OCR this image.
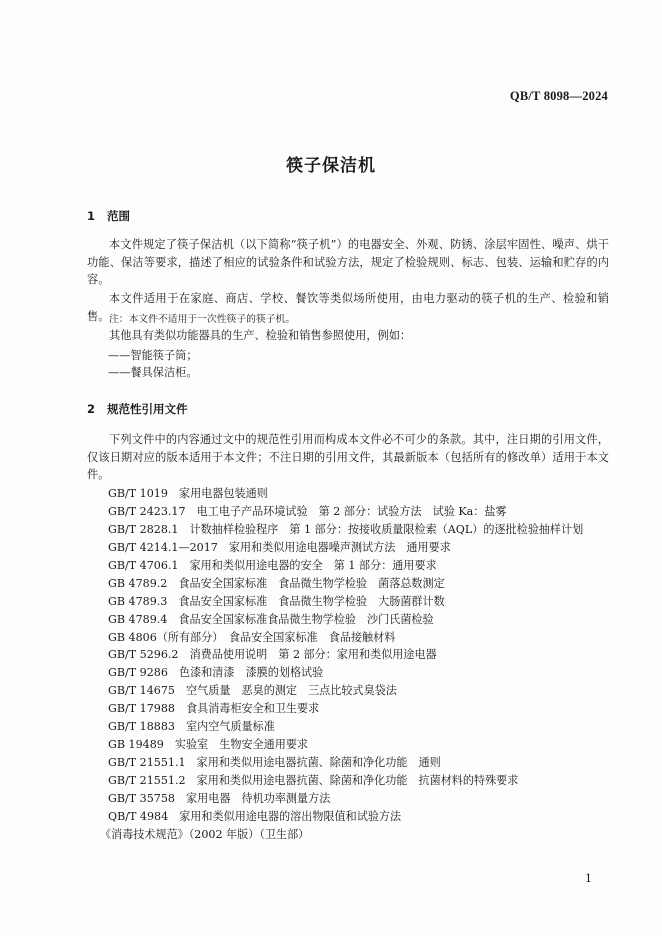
QB/T 8098—2024
筷子保洁机
1 范围

本文件规定了筷子保洁机（以下简称“筷子机”）的电器安全、外观、防锈、涂层牢固性、噪声、烘干功能、保洁等要求，描述了相应的试验条件和试验方法，规定了检验规则、标志、包装、运输和贮存的内容。

本文件适用于在家庭、商店、学校、餐饮等类似场所使用，由电力驱动的筷子机的生产、检验和销售。 注：本文件不适用于一次性筷子的筷子机。

其他具有类似功能器具的生产、检验和销售参照使用，例如：

——智能筷子筒；
——餐具保洁柜。
2 规范性引用文件

下列文件中的内容通过文中的规范性引用而构成本文件必不可少的条款。其中，注日期的引用文件，仅该日期对应的版本适用于本文件；不注日期的引用文件，其最新版本（包括所有的修改单）适用于本文件。

GB/T 1019　家用电器包装通则
GB/T 2423.17　电工电子产品环境试验　第 2 部分：试验方法　试验 Ka：盐雾
GB/T 2828.1　计数抽样检验程序　第 1 部分：按接收质量限检索（AQL）的逐批检验抽样计划
GB/T 4214.1—2017　家用和类似用途电器噪声测试方法　通用要求
GB/T 4706.1　家用和类似用途电器的安全　第 1 部分：通用要求
GB 4789.2　食品安全国家标准　食品微生物学检验　菌落总数测定
GB 4789.3　食品安全国家标准　食品微生物学检验　大肠菌群计数
GB 4789.4　食品安全国家标准食品微生物学检验　沙门氏菌检验
GB 4806（所有部分）　食品安全国家标准　食品接触材料
GB/T 5296.2　消费品使用说明　第 2 部分：家用和类似用途电器
GB/T 9286　色漆和清漆　漆膜的划格试验
GB/T 14675　空气质量　恶臭的测定　三点比较式臭袋法
GB/T 17988　食具消毒柜安全和卫生要求
GB/T 18883　室内空气质量标准
GB 19489　实验室　生物安全通用要求
GB/T 21551.1　家用和类似用途电器抗菌、除菌和净化功能　通则
GB/T 21551.2　家用和类似用途电器抗菌、除菌和净化功能　抗菌材料的特殊要求
GB/T 35758　家用电器　待机功率测量方法
QB/T 4984　家用和类似用途电器的溶出物限值和试验方法
《消毒技术规范》（2002 年版）（卫生部）
1
